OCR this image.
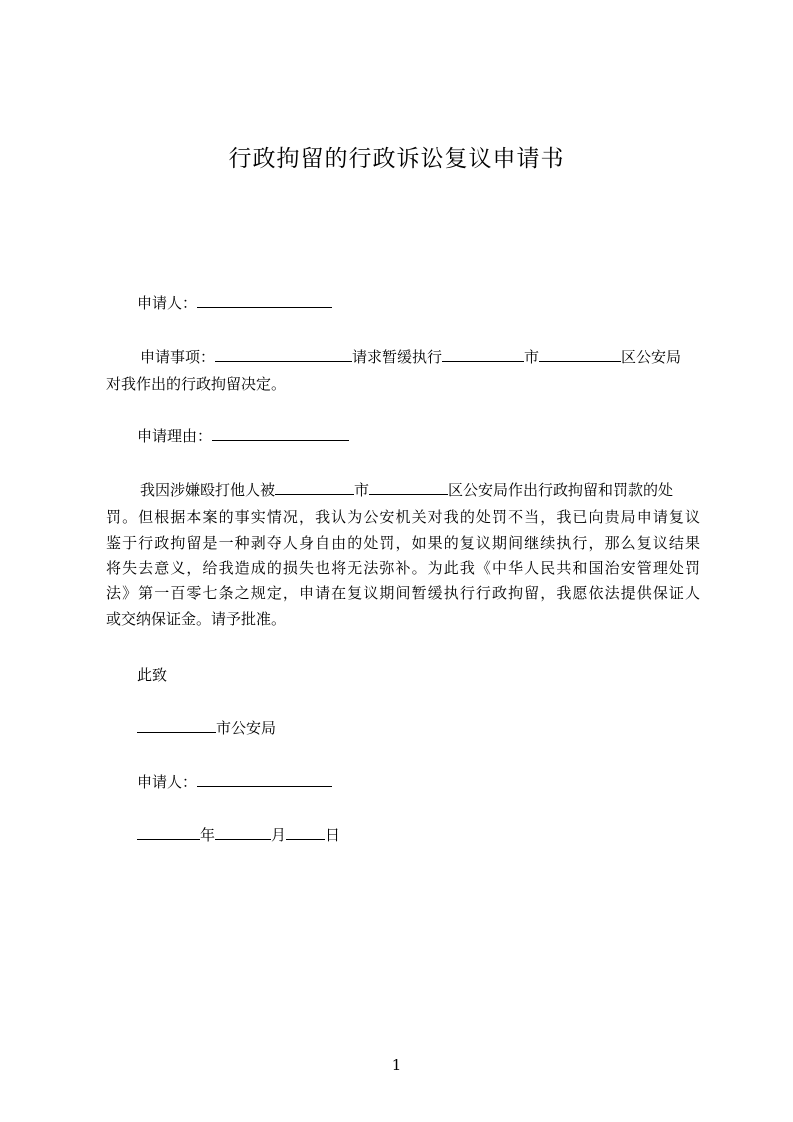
行政拘留的行政诉讼复议申请书
申请人：
申请事项：	请求暂缓执行	市	区公安局
对我作出的行政拘留决定。
申请理由：
我因涉嫌殴打他人被	市	区公安局作出行政拘留和罚款的处
罚。但根据本案的事实情况，我认为公安机关对我的处罚不当，我已向贵局申请复议
鉴于行政拘留是一种剥夺人身自由的处罚，如果的复议期间继续执行，那么复议结果
将失去意义，给我造成的损失也将无法弥补。为此我《中华人民共和国治安管理处罚
法》第一百零七条之规定，申请在复议期间暂缓执行行政拘留，我愿依法提供保证人
或交纳保证金。请予批准。
此致
市公安局
申请人：
年	月	日
1
